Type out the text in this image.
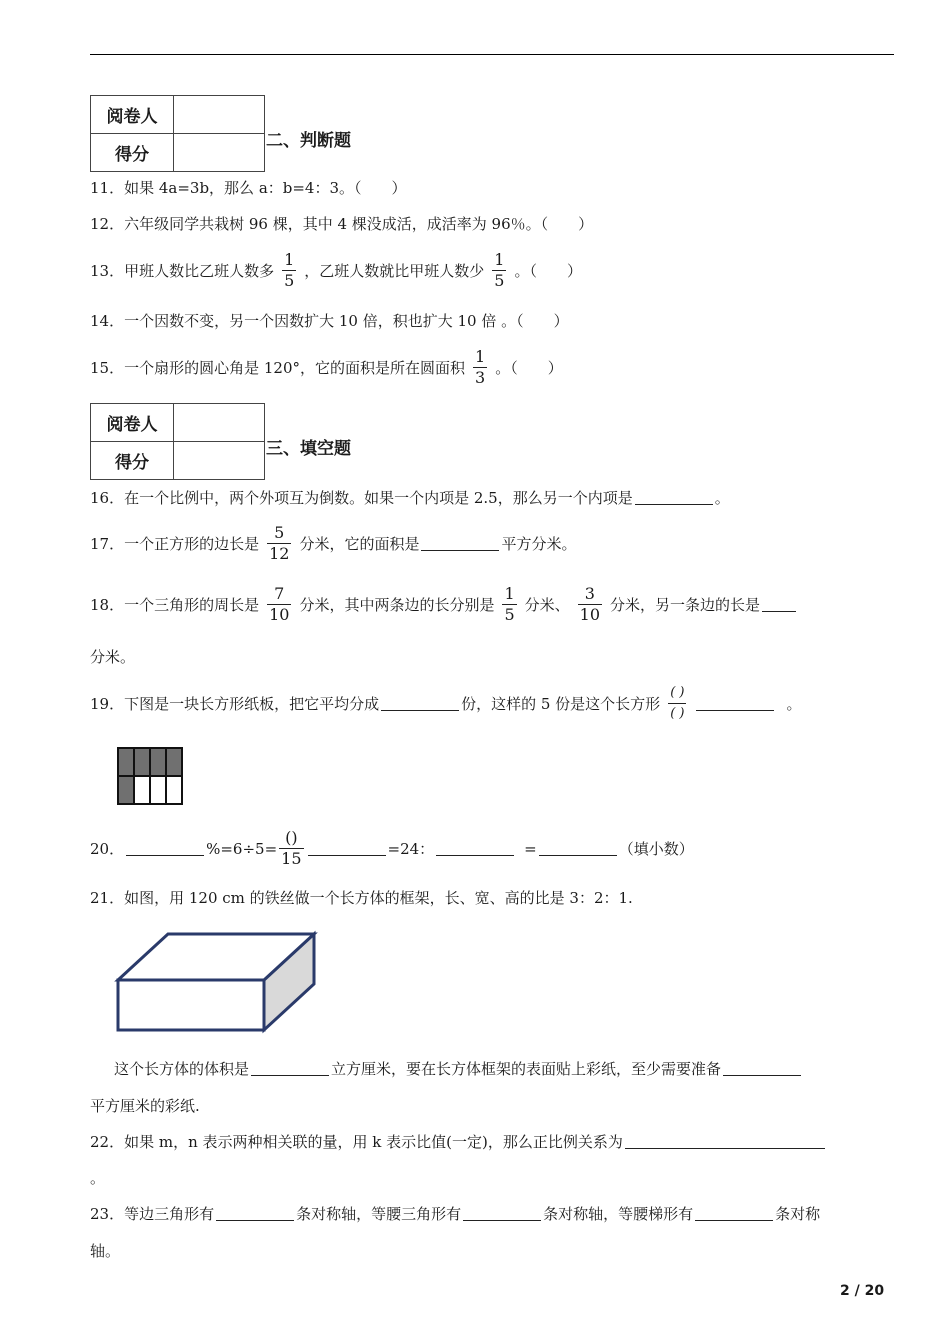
阅卷人	
得分	
二、判断题
11．如果 4a=3b，那么 a：b=4：3。（　　）
12．六年级同学共栽树 96 棵，其中 4 棵没成活，成活率为 96％。（　　）
13．甲班人数比乙班人数多 $\frac{1}{5}$ ，乙班人数就比甲班人数少 $\frac{1}{5}$ 。（　　）
14．一个因数不变，另一个因数扩大 10 倍，积也扩大 10 倍 。（　　）
15．一个扇形的圆心角是 120°，它的面积是所在圆面积 $\frac{1}{3}$ 。（　　）
阅卷人	
得分	
三、填空题
16．在一个比例中，两个外项互为倒数。如果一个内项是 2.5，那么另一个内项是	。
17．一个正方形的边长是 $\frac{5}{12}$ 分米，它的面积是	平方分米。
18．一个三角形的周长是 $\frac{7}{10}$ 分米，其中两条边的长分别是 $\frac{1}{5}$ 分米、 $\frac{3}{10}$ 分米，另一条边的长是
分米。
19．下图是一块长方形纸板，把它平均分成	份，这样的 5 份是这个长方形 $\frac{( )}{( )}$	。
20．	$\%=6\div 5= \frac{()}{15}$	=24：	=	（填小数）
21．如图，用 120 cm 的铁丝做一个长方体的框架，长、宽、高的比是 3：2：1.
这个长方体的体积是	立方厘米，要在长方体框架的表面贴上彩纸，至少需要准备
平方厘米的彩纸.
22．如果 m，n 表示两种相关联的量，用 k 表示比值(一定)，那么正比例关系为
。
23．等边三角形有	条对称轴，等腰三角形有	条对称轴，等腰梯形有	条对称
轴。
2 / 20
